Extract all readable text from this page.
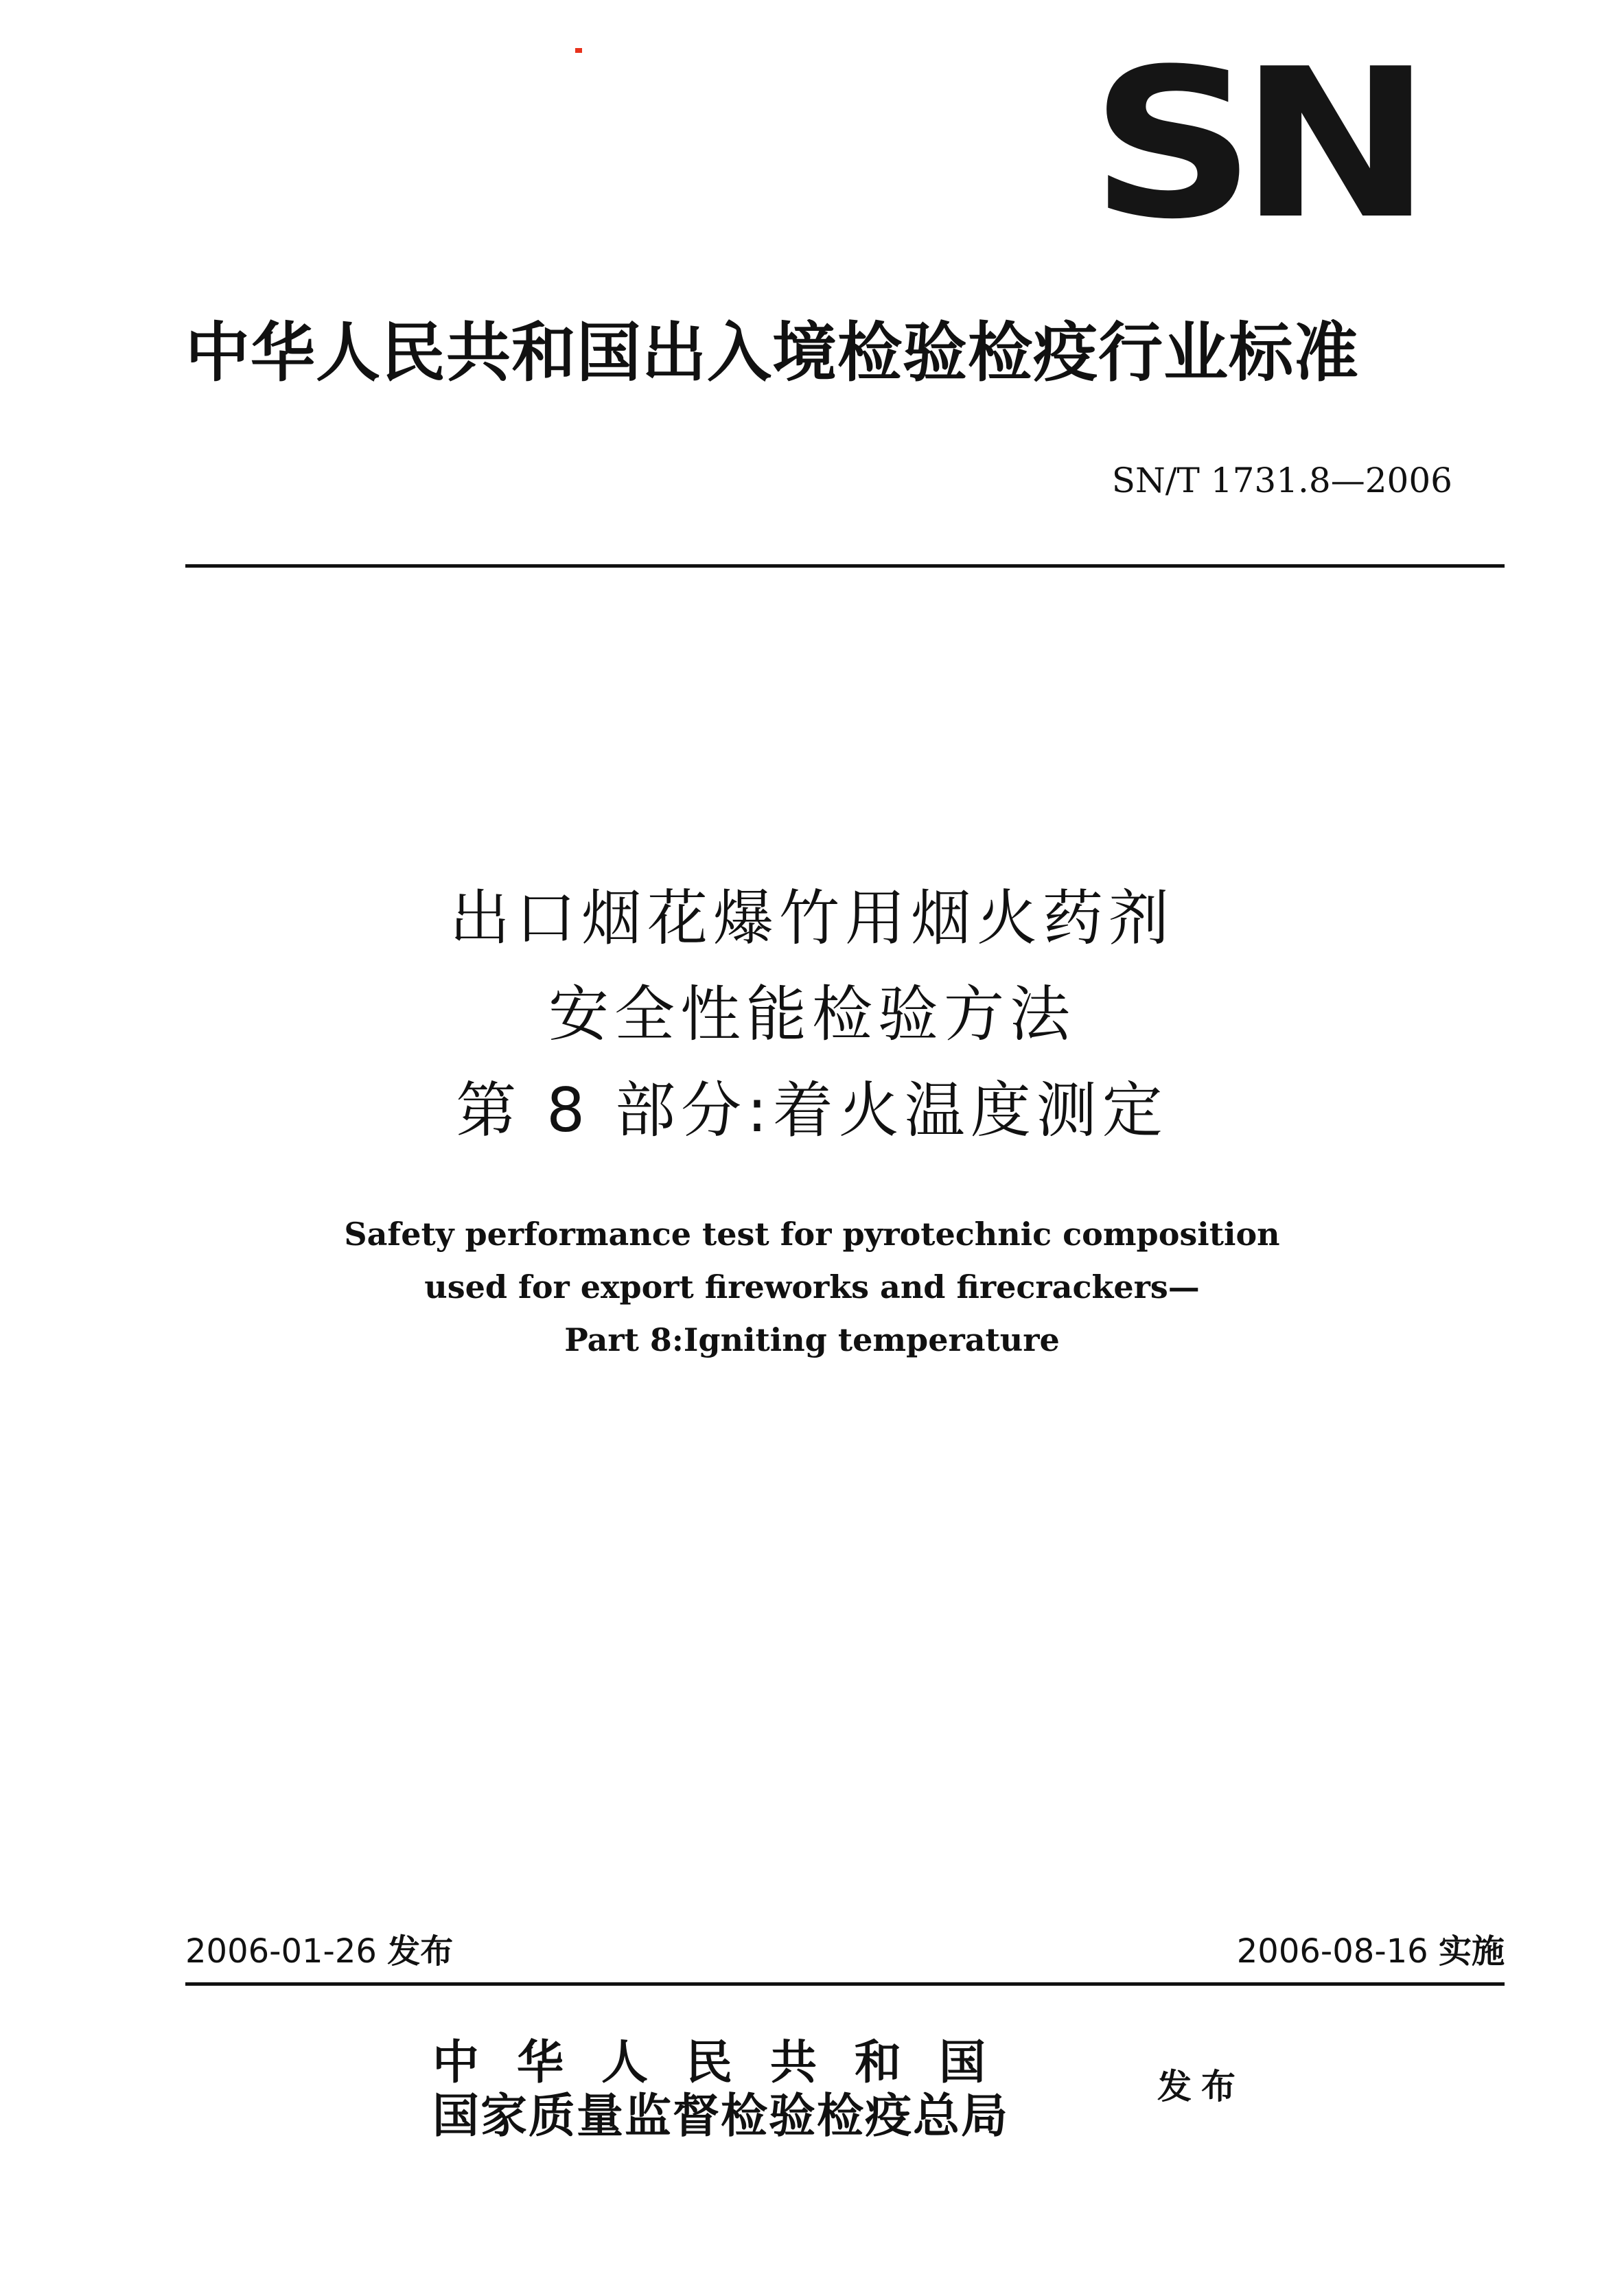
SN
中华人民共和国出入境检验检疫行业标准
SN/T 1731.8—2006
出口烟花爆竹用烟火药剂
安全性能检验方法
第 8 部分:着火温度测定
Safety performance test for pyrotechnic composition
used for export fireworks and firecrackers—
Part 8:Igniting temperature
2006-01-26 发布	2006-08-16 实施
中华人民共和国
国家质量监督检验检疫总局
发布
